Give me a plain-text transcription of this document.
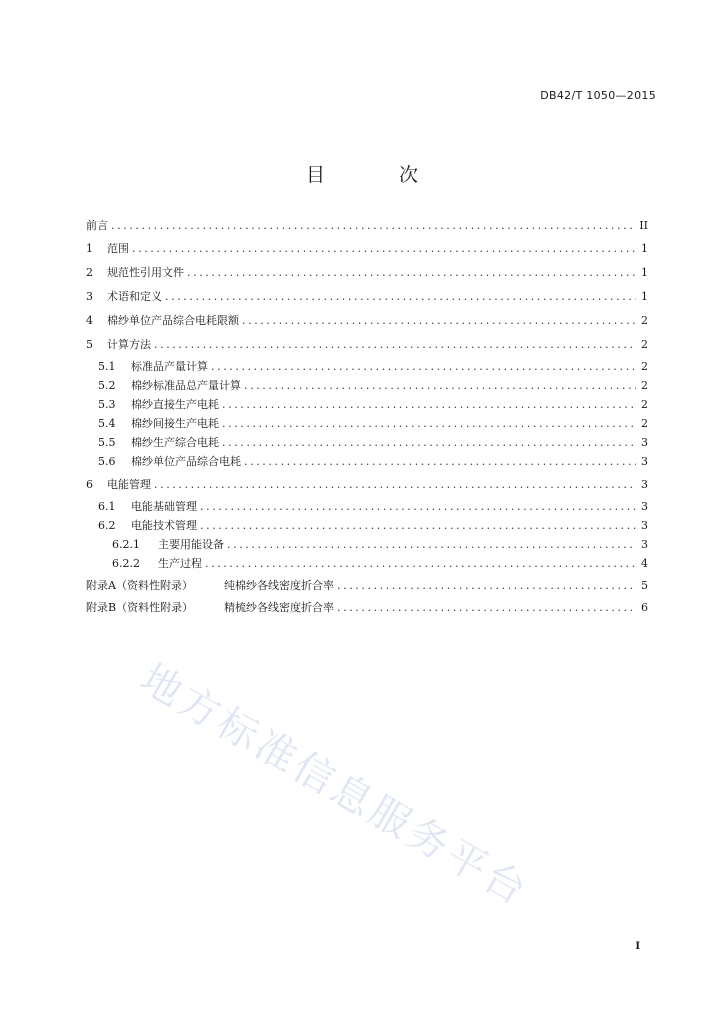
DB42/T 1050—2015
目 次
地方标准信息服务平台
前言 .....	II
1	范围 .....	1
2	规范性引用文件 .....	1
3	术语和定义 .....	1
4	棉纱单位产品综合电耗限额 .....	2
5	计算方法 .....	2
5.1	标准品产量计算 .....	2
5.2	棉纱标准品总产量计算 .....	2
5.3	棉纱直接生产电耗 .....	2
5.4	棉纱间接生产电耗 .....	2
5.5	棉纱生产综合电耗 .....	3
5.6	棉纱单位产品综合电耗 .....	3
6	电能管理 .....	3
6.1	电能基础管理 .....	3
6.2	电能技术管理 .....	3
6.2.1	主要用能设备 .....	3
6.2.2	生产过程 .....	4
附录A（资料性附录）	纯棉纱各线密度折合率 .....	5
附录B（资料性附录）	精梳纱各线密度折合率 .....	6
I
